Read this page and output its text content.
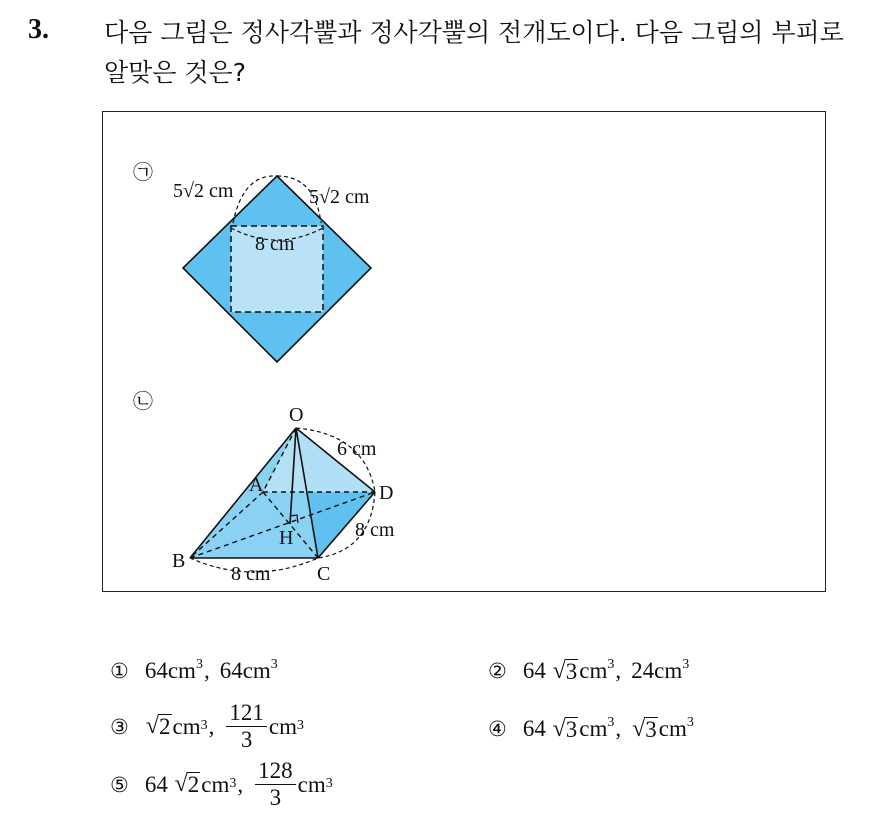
3. 다음 그림은 정사각뿔과 정사각뿔의 전개도이다. 다음 그림의 부피로
알맞은 것은?
㉠
㉡
5√2 cm	5√2 cm
8 cm
O
A
B
C
D
H
6 cm
8 cm
8 cm
① $64cm^3$, $64cm^3$	② 64 √ 3 $cm^3$, $24cm^3$
③ √ 2 $cm^3$ , $\frac{121}{3} cm^3$	④ 64 √ 3 $cm^3$, √ 3 $cm^3$
⑤ 64
√ 2 $cm^3$ , $\frac{128}{3} cm^3$
